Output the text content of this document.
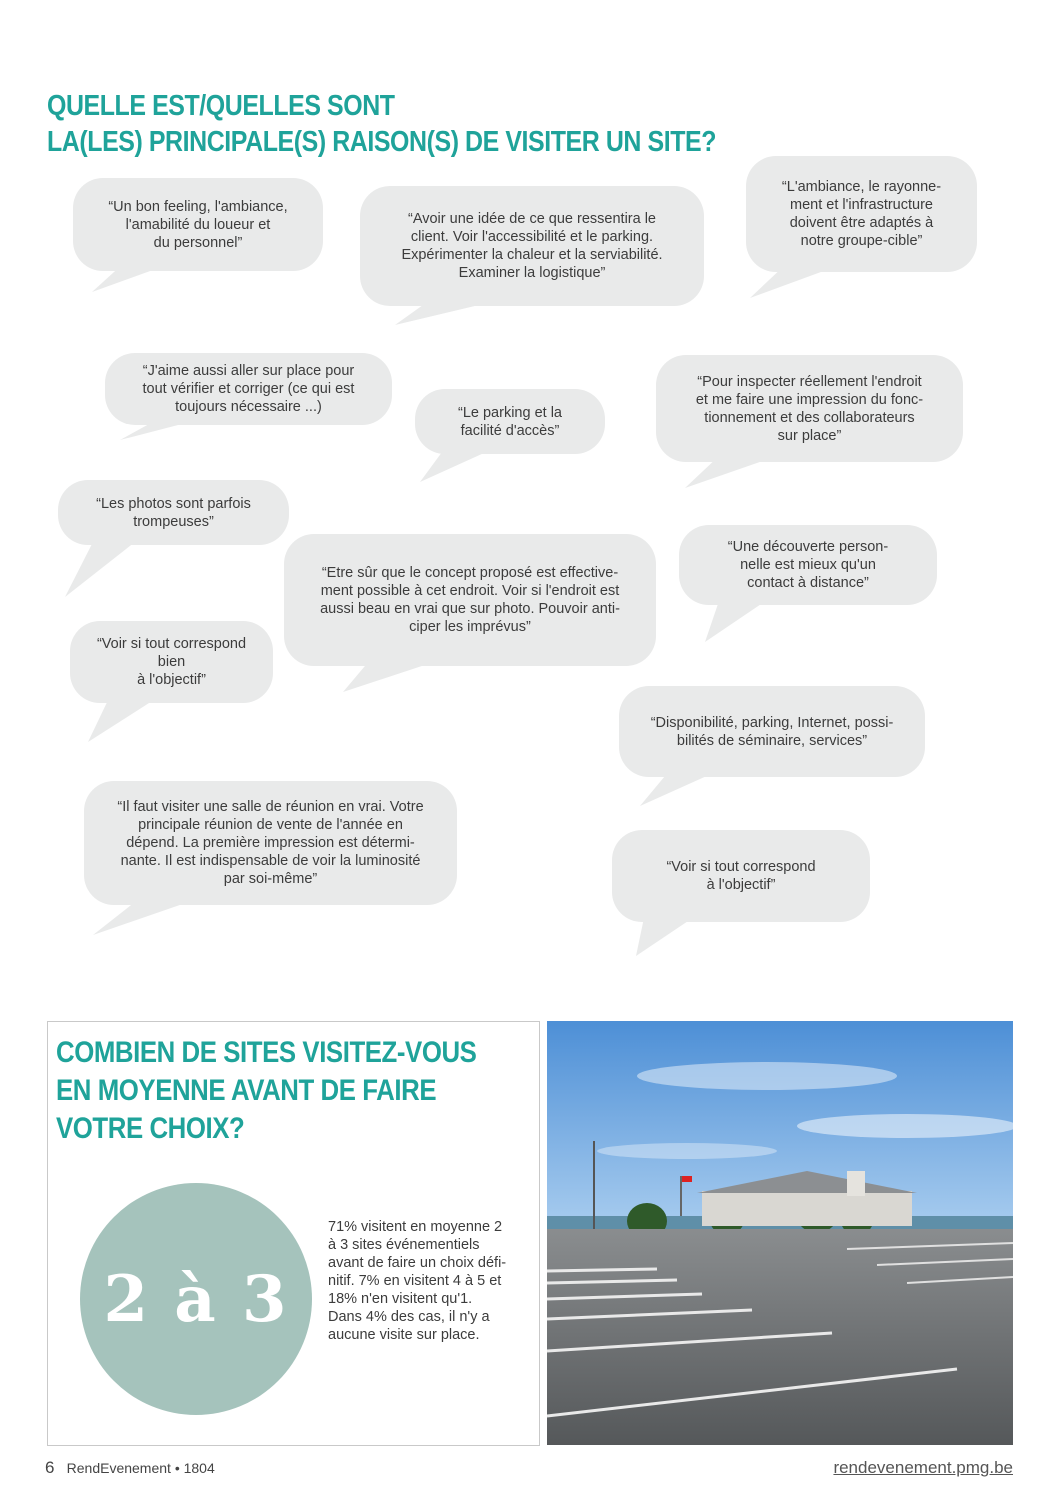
QUELLE EST/QUELLES SONT
LA(LES) PRINCIPALE(S) RAISON(S) DE VISITER UN SITE?
“Un bon feeling, l'ambiance,
l'amabilité du loueur et
du personnel”
“Avoir une idée de ce que ressentira le
client. Voir l'accessibilité et le parking.
Expérimenter la chaleur et la serviabilité.
Examiner la logistique”
“L'ambiance, le rayonne-
ment et l'infrastructure
doivent être adaptés à
notre groupe-cible”
“J'aime aussi aller sur place pour
tout vérifier et corriger (ce qui est
toujours nécessaire ...)	“Le parking et la
facilité d'accès”
“Pour inspecter réellement l'endroit
et me faire une impression du fonc-
tionnement et des collaborateurs
sur place”
“Les photos sont parfois
trompeuses”
“Etre sûr que le concept proposé est effective-
ment possible à cet endroit. Voir si l'endroit est
aussi beau en vrai que sur photo. Pouvoir anti-
ciper les imprévus”
“Une découverte person-
nelle est mieux qu'un
contact à distance”
“Voir si tout correspond bien
à l'objectif”
“Disponibilité, parking, Internet, possi-
bilités de séminaire, services”
“Il faut visiter une salle de réunion en vrai. Votre
principale réunion de vente de l'année en
dépend. La première impression est détermi-
nante. Il est indispensable de voir la luminosité
par soi-même”
“Voir si tout correspond
à l'objectif”
COMBIEN DE SITES VISITEZ-VOUS
EN MOYENNE AVANT DE FAIRE
VOTRE CHOIX?
2 à 3
71% visitent en moyenne 2
à 3 sites événementiels
avant de faire un choix défi-
nitif. 7% en visitent 4 à 5 et
18% n'en visitent qu'1.
Dans 4% des cas, il n'y a
aucune visite sur place.
6 RendEvenement • 1804	rendevenement.pmg.be
